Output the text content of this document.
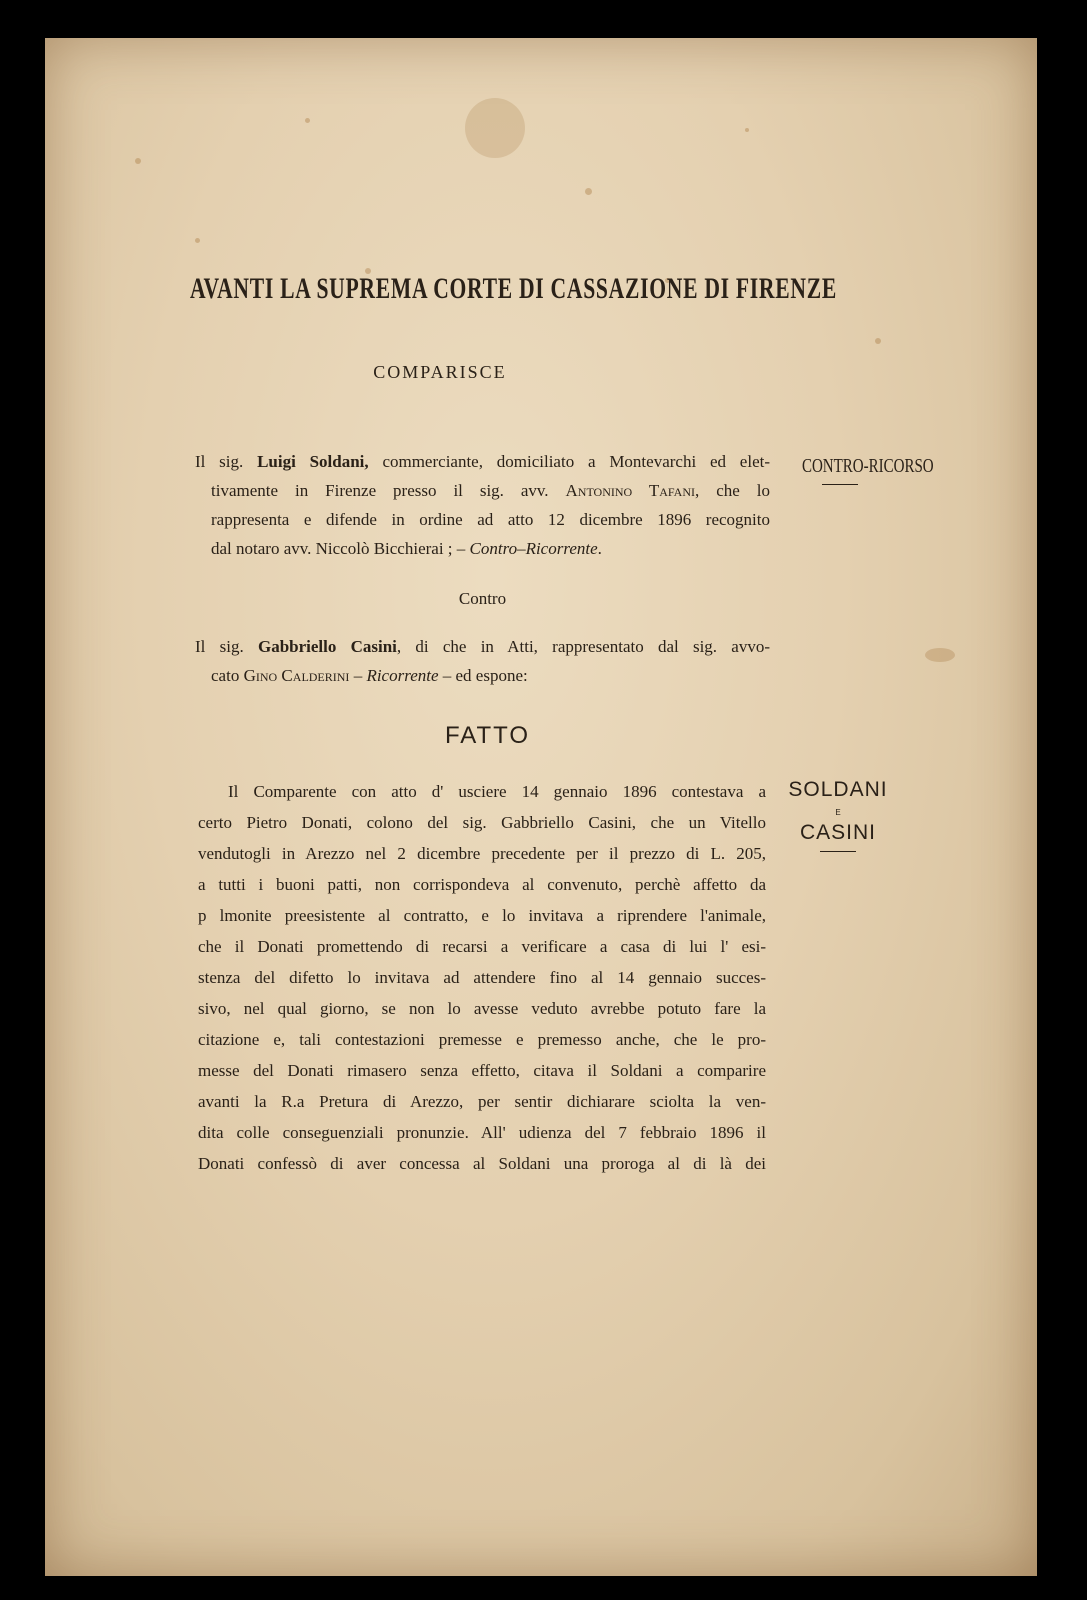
AVANTI LA SUPREMA CORTE DI CASSAZIONE DI FIRENZE
COMPARISCE
CONTRO-RICORSO
SOLDANI
E
CASINI
Il sig. Luigi Soldani, commerciante, domiciliato a Montevarchi ed elet-
tivamente in Firenze presso il sig. avv. Antonino Tafani, che lo
rappresenta e difende in ordine ad atto 12 dicembre 1896 recognito
dal notaro avv. Niccolò Bicchierai ; – Contro–Ricorrente.
Contro
Il sig. Gabbriello Casini, di che in Atti, rappresentato dal sig. avvo-
cato Gino Calderini – Ricorrente – ed espone:
FATTO
Il Comparente con atto d' usciere 14 gennaio 1896 contestava a
certo Pietro Donati, colono del sig. Gabbriello Casini, che un Vitello
vendutogli in Arezzo nel 2 dicembre precedente per il prezzo di L. 205,
a tutti i buoni patti, non corrispondeva al convenuto, perchè affetto da
p lmonite preesistente al contratto, e lo invitava a riprendere l'animale,
che il Donati promettendo di recarsi a verificare a casa di lui l' esi-
stenza del difetto lo invitava ad attendere fino al 14 gennaio succes-
sivo, nel qual giorno, se non lo avesse veduto avrebbe potuto fare la
citazione e, tali contestazioni premesse e premesso anche, che le pro-
messe del Donati rimasero senza effetto, citava il Soldani a comparire
avanti la R.a Pretura di Arezzo, per sentir dichiarare sciolta la ven-
dita colle conseguenziali pronunzie. All' udienza del 7 febbraio 1896 il
Donati confessò di aver concessa al Soldani una proroga al di là dei
